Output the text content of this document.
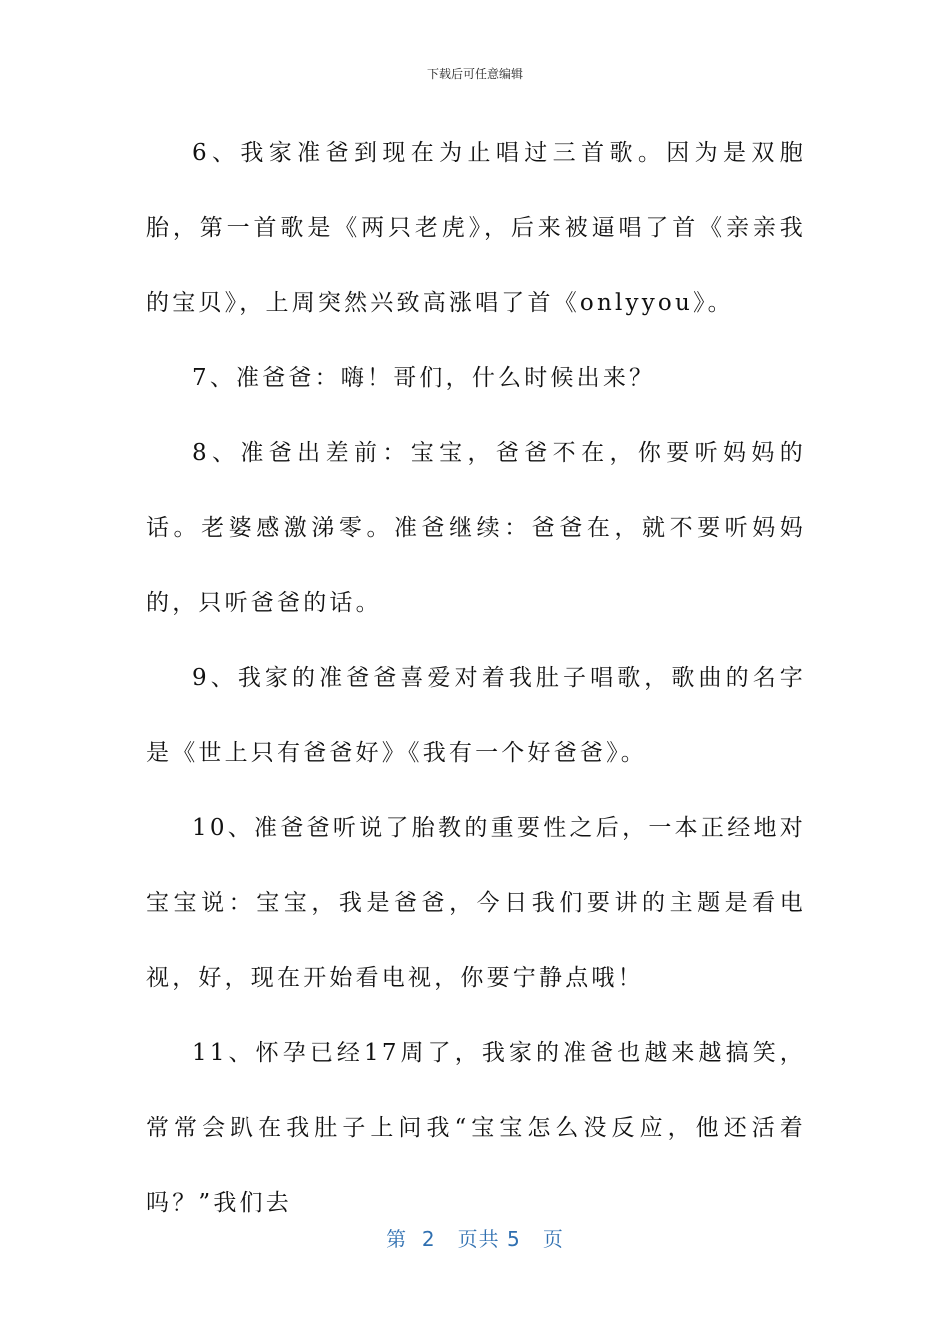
下载后可任意编辑

6、我家准爸到现在为止唱过三首歌。因为是双胞胎，第一首歌是《两只老虎》，后来被逼唱了首《亲亲我的宝贝》，上周突然兴致高涨唱了首《onlyyou》。

7、准爸爸：嗨！哥们，什么时候出来？

8、准爸出差前：宝宝，爸爸不在，你要听妈妈的话。老婆感激涕零。准爸继续：爸爸在，就不要听妈妈的，只听爸爸的话。

9、我家的准爸爸喜爱对着我肚子唱歌，歌曲的名字是《世上只有爸爸好》《我有一个好爸爸》。

10、准爸爸听说了胎教的重要性之后，一本正经地对宝宝说：宝宝，我是爸爸，今日我们要讲的主题是看电视，好，现在开始看电视，你要宁静点哦！

11、怀孕已经17周了，我家的准爸也越来越搞笑，常常会趴在我肚子上问我“宝宝怎么没反应，他还活着吗？”我们去

第 2 页共 5 页
